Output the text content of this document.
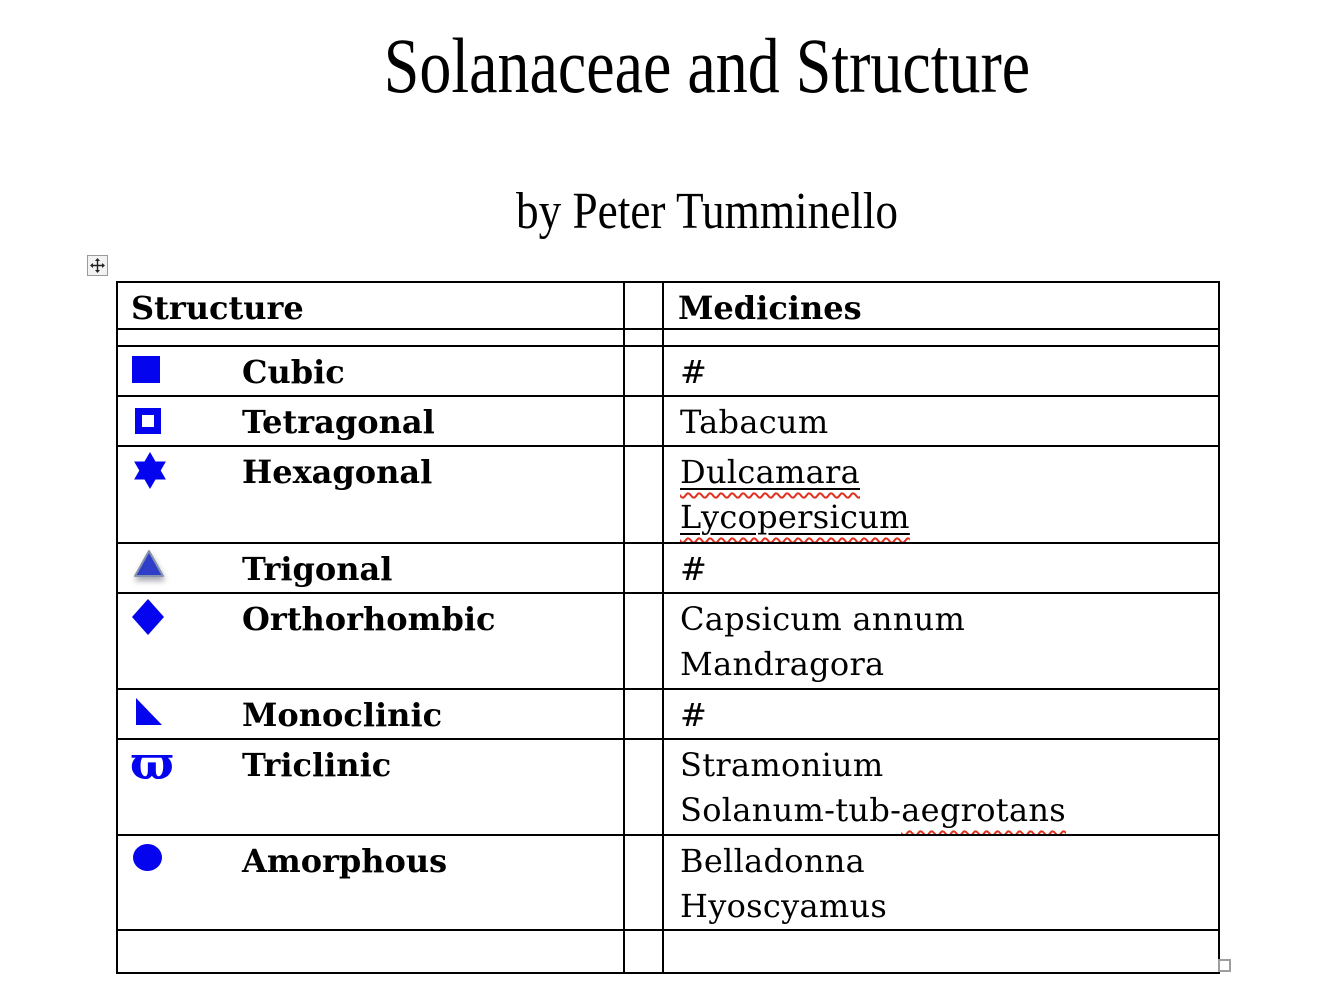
Solanaceae and Structure
by Peter Tumminello
Structure		Medicines

Cubic		#

Tetragonal		Tabacum

Hexagonal		Dulcamara
Lycopersicum

Trigonal		#

Orthorhombic		Capsicum annum
Mandragora

Monoclinic		#

ϖ Triclinic		Stramonium
Solanum-tub-aegrotans

Amorphous		Belladonna
Hyoscyamus
